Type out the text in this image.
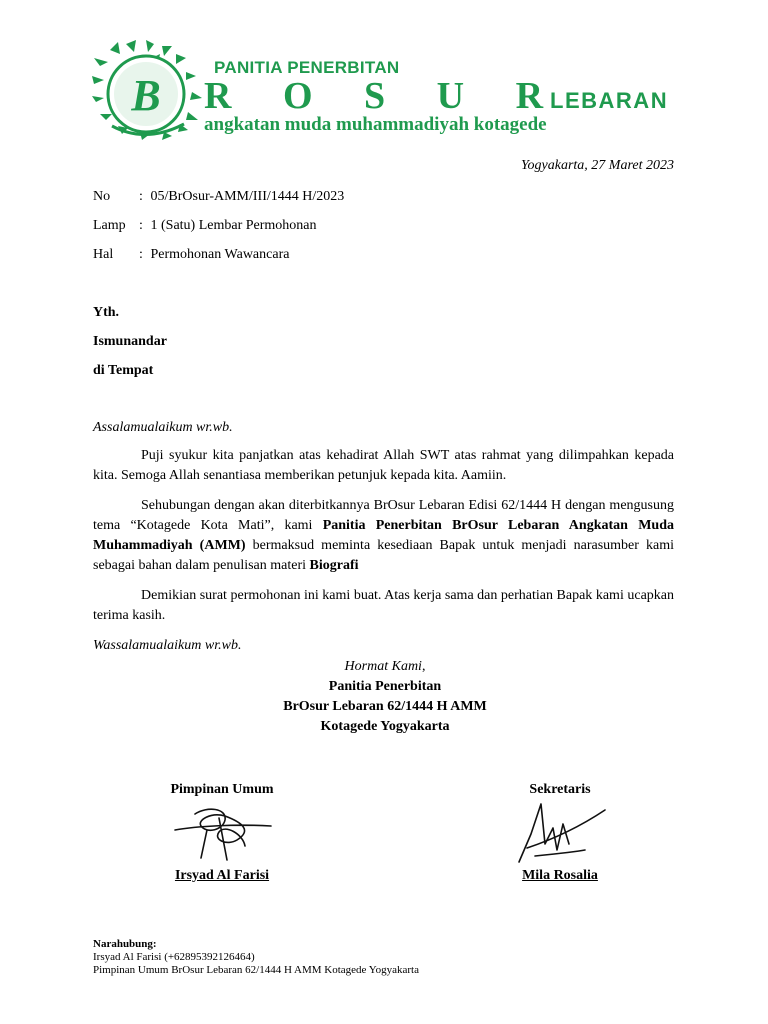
B
PANITIA PENERBITAN
R O S U RLEBARAN
angkatan muda muhammadiyah kotagede
Yogyakarta, 27 Maret 2023
No : 05/BrOsur-AMM/III/1444 H/2023
Lamp : 1 (Satu) Lembar Permohonan
Hal : Permohonan Wawancara
Yth.
Ismunandar
di Tempat

Assalamualaikum wr.wb.

Puji syukur kita panjatkan atas kehadirat Allah SWT atas rahmat yang dilimpahkan kepada kita. Semoga Allah senantiasa memberikan petunjuk kepada kita. Aamiin.

Sehubungan dengan akan diterbitkannya BrOsur Lebaran Edisi 62/1444 H dengan mengusung tema “Kotagede Kota Mati”, kami Panitia Penerbitan BrOsur Lebaran Angkatan Muda Muhammadiyah (AMM) bermaksud meminta kesediaan Bapak untuk menjadi narasumber kami sebagai bahan dalam penulisan materi Biografi

Demikian surat permohonan ini kami buat. Atas kerja sama dan perhatian Bapak kami ucapkan terima kasih.

Wassalamualaikum wr.wb.

Hormat Kami,
Panitia Penerbitan
BrOsur Lebaran 62/1444 H AMM
Kotagede Yogyakarta
Pimpinan Umum
Irsyad Al Farisi
Sekretaris
Mila Rosalia
Narahubung:
Irsyad Al Farisi (+62895392126464)
Pimpinan Umum BrOsur Lebaran 62/1444 H AMM Kotagede Yogyakarta
